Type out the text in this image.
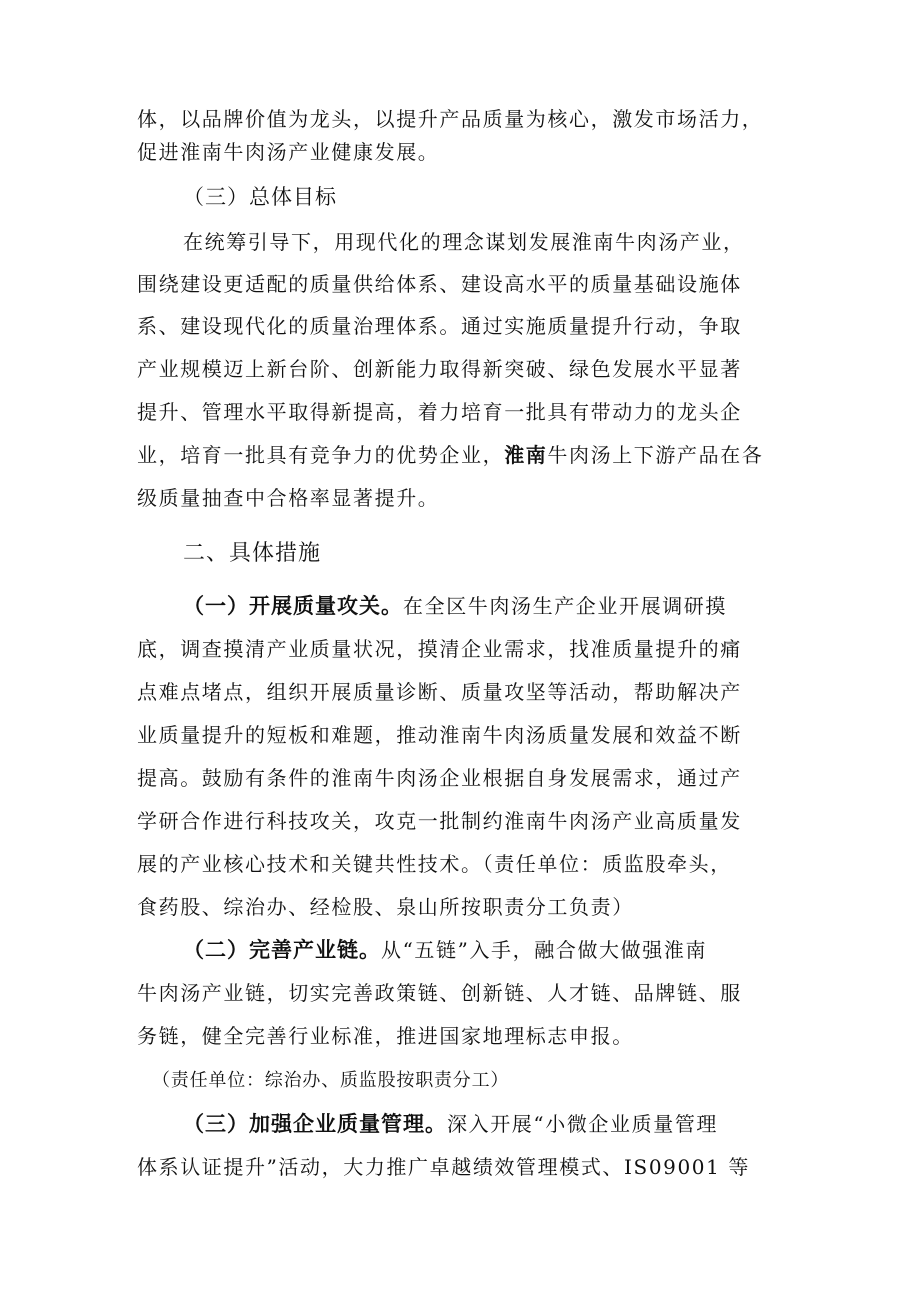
体，以品牌价值为龙头，以提升产品质量为核心，激发市场活力，
促进淮南牛肉汤产业健康发展。
（三）总体目标
在统筹引导下，用现代化的理念谋划发展淮南牛肉汤产业，
围绕建设更适配的质量供给体系、建设高水平的质量基础设施体
系、建设现代化的质量治理体系。通过实施质量提升行动，争取
产业规模迈上新台阶、创新能力取得新突破、绿色发展水平显著
提升、管理水平取得新提高，着力培育一批具有带动力的龙头企
业，培育一批具有竞争力的优势企业，淮南牛肉汤上下游产品在各
级质量抽查中合格率显著提升。
二、具体措施
（一）开展质量攻关。在全区牛肉汤生产企业开展调研摸
底，调查摸清产业质量状况，摸清企业需求，找准质量提升的痛
点难点堵点，组织开展质量诊断、质量攻坚等活动，帮助解决产
业质量提升的短板和难题，推动淮南牛肉汤质量发展和效益不断
提高。鼓励有条件的淮南牛肉汤企业根据自身发展需求，通过产
学研合作进行科技攻关，攻克一批制约淮南牛肉汤产业高质量发
展的产业核心技术和关键共性技术。（责任单位：质监股牵头，
食药股、综治办、经检股、泉山所按职责分工负责）
（二）完善产业链。从“五链”入手，融合做大做强淮南
牛肉汤产业链，切实完善政策链、创新链、人才链、品牌链、服
务链，健全完善行业标准，推进国家地理标志申报。
（责任单位：综治办、质监股按职责分工）
（三）加强企业质量管理。深入开展“小微企业质量管理
体系认证提升”活动，大力推广卓越绩效管理模式、IS09001 等
